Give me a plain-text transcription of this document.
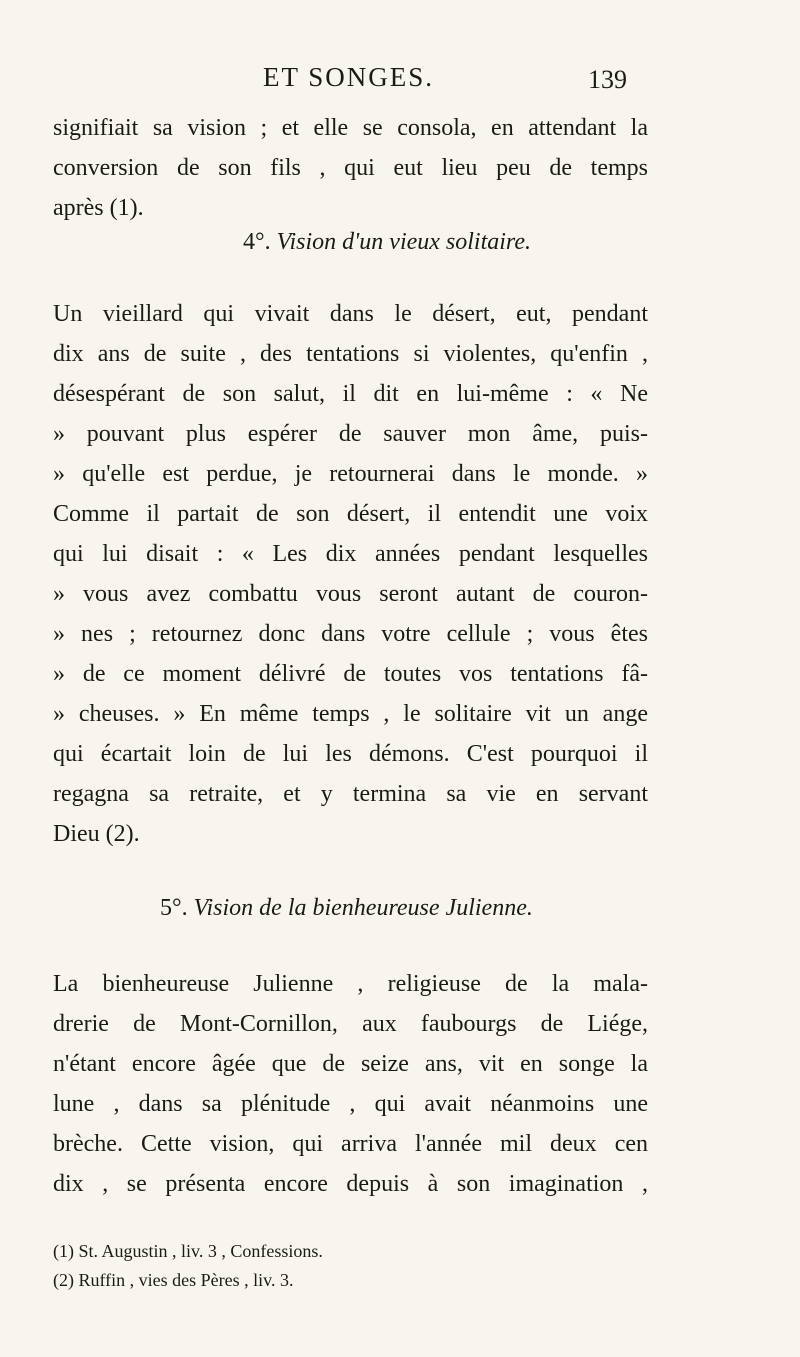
ET SONGES.	139
signifiait sa vision ; et elle se consola, en attendant la
conversion de son fils , qui eut lieu peu de temps
après (1).
4°. Vision d'un vieux solitaire.
Un vieillard qui vivait dans le désert, eut, pendant
dix ans de suite , des tentations si violentes, qu'enfin ,
désespérant de son salut, il dit en lui-même : « Ne
» pouvant plus espérer de sauver mon âme, puis-
» qu'elle est perdue, je retournerai dans le monde. »
Comme il partait de son désert, il entendit une voix
qui lui disait : « Les dix années pendant lesquelles
» vous avez combattu vous seront autant de couron-
» nes ; retournez donc dans votre cellule ; vous êtes
» de ce moment délivré de toutes vos tentations fâ-
» cheuses. » En même temps , le solitaire vit un ange
qui écartait loin de lui les démons. C'est pourquoi il
regagna sa retraite, et y termina sa vie en servant
Dieu (2).
5°. Vision de la bienheureuse Julienne.
La bienheureuse Julienne , religieuse de la mala-
drerie de Mont-Cornillon, aux faubourgs de Liége,
n'étant encore âgée que de seize ans, vit en songe la
lune , dans sa plénitude , qui avait néanmoins une
brèche. Cette vision, qui arriva l'année mil deux cen
dix , se présenta encore depuis à son imagination ,
(1) St. Augustin , liv. 3 , Confessions.
(2) Ruffin , vies des Pères , liv. 3.
